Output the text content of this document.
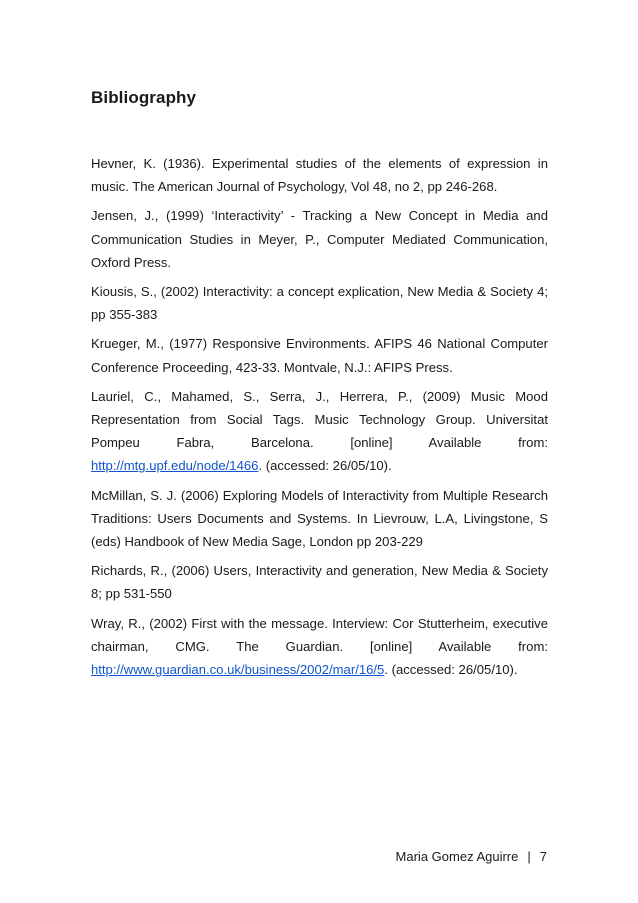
Bibliography
Hevner, K. (1936). Experimental studies of the elements of expression in music. The American Journal of Psychology, Vol 48, no 2, pp 246-268.
Jensen, J., (1999) ‘Interactivity’ - Tracking a New Concept in Media and Communication Studies in Meyer, P., Computer Mediated Communication, Oxford Press.
Kiousis, S., (2002) Interactivity: a concept explication, New Media & Society 4; pp 355-383
Krueger, M., (1977) Responsive Environments. AFIPS 46 National Computer Conference Proceeding, 423-33. Montvale, N.J.: AFIPS Press.
Lauriel, C., Mahamed, S., Serra, J., Herrera, P., (2009) Music Mood Representation from Social Tags. Music Technology Group. Universitat Pompeu Fabra, Barcelona. [online] Available from: http://mtg.upf.edu/node/1466. (accessed: 26/05/10).
McMillan, S. J. (2006) Exploring Models of Interactivity from Multiple Research Traditions: Users Documents and Systems. In Lievrouw, L.A, Livingstone, S (eds) Handbook of New Media Sage, London pp 203-229
Richards, R., (2006) Users, Interactivity and generation, New Media & Society 8; pp 531-550
Wray, R., (2002) First with the message. Interview: Cor Stutterheim, executive chairman, CMG. The Guardian. [online] Available from: http://www.guardian.co.uk/business/2002/mar/16/5. (accessed: 26/05/10).
Maria Gomez Aguirre | 7
